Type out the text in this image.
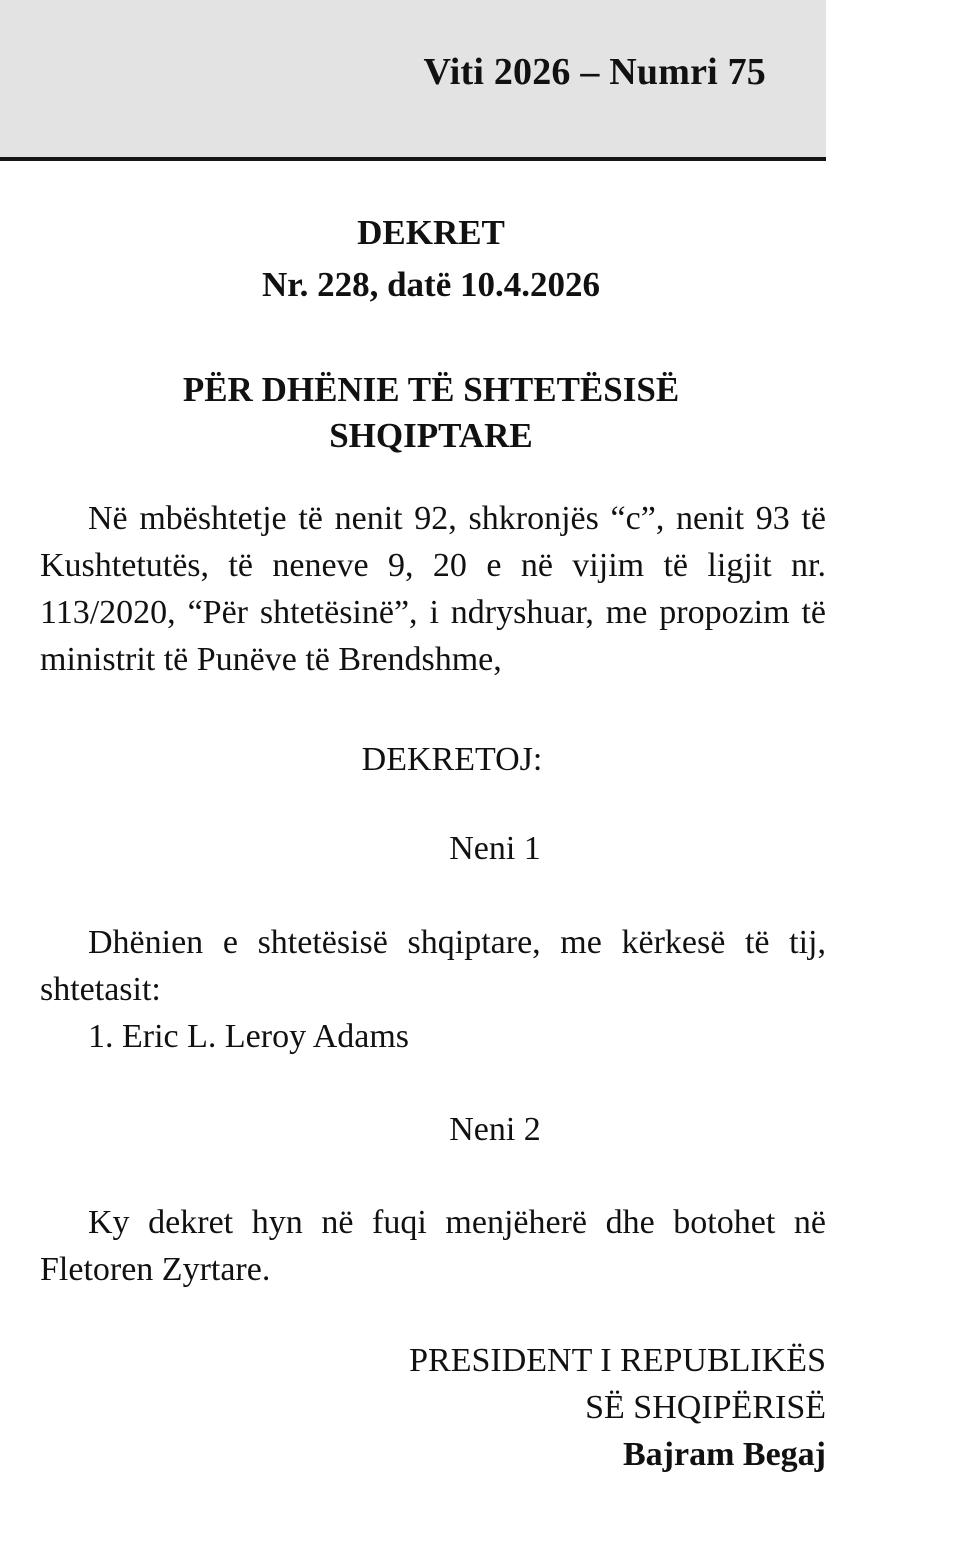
Viti 2026 – Numri 75
DEKRET
Nr. 228, datë 10.4.2026
PËR DHËNIE TË SHTETËSISË
SHQIPTARE

Në mbështetje të nenit 92, shkronjës “c”, nenit 93 të Kushtetutës, të neneve 9, 20 e në vijim të ligjit nr. 113/2020, “Për shtetësinë”, i ndryshuar, me propozim të ministrit të Punëve të Brendshme,

DEKRETOJ:
Neni 1

Dhënien e shtetësisë shqiptare, me kërkesë të tij, shtetasit:

1. Eric L. Leroy Adams
Neni 2

Ky dekret hyn në fuqi menjëherë dhe botohet në Fletoren Zyrtare.

PRESIDENT I REPUBLIKËS
SË SHQIPËRISË
Bajram Begaj
